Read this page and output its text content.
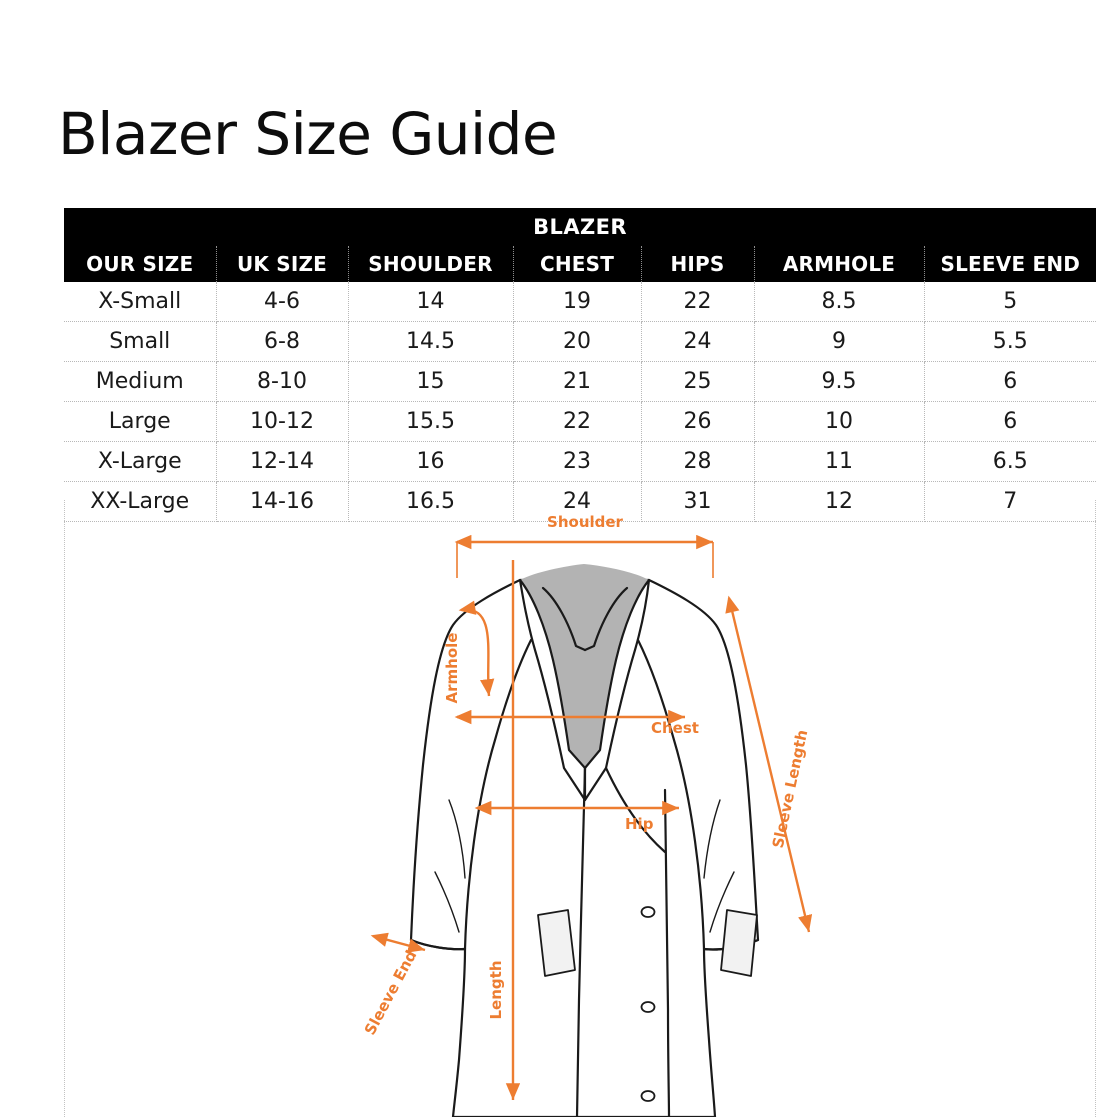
Blazer Size Guide
BLAZER						
OUR SIZE	UK SIZE	SHOULDER	CHEST	HIPS	ARMHOLE	SLEEVE END
X-Small	4-6	14	19	22	8.5	5
Small	6-8	14.5	20	24	9	5.5
Medium	8-10	15	21	25	9.5	6
Large	10-12	15.5	22	26	10	6
X-Large	12-14	16	23	28	11	6.5
XX-Large	14-16	16.5	24	31	12	7
Shoulder
Armhole
Chest
Hip	Sleeve Length
Sleeve End	Length
